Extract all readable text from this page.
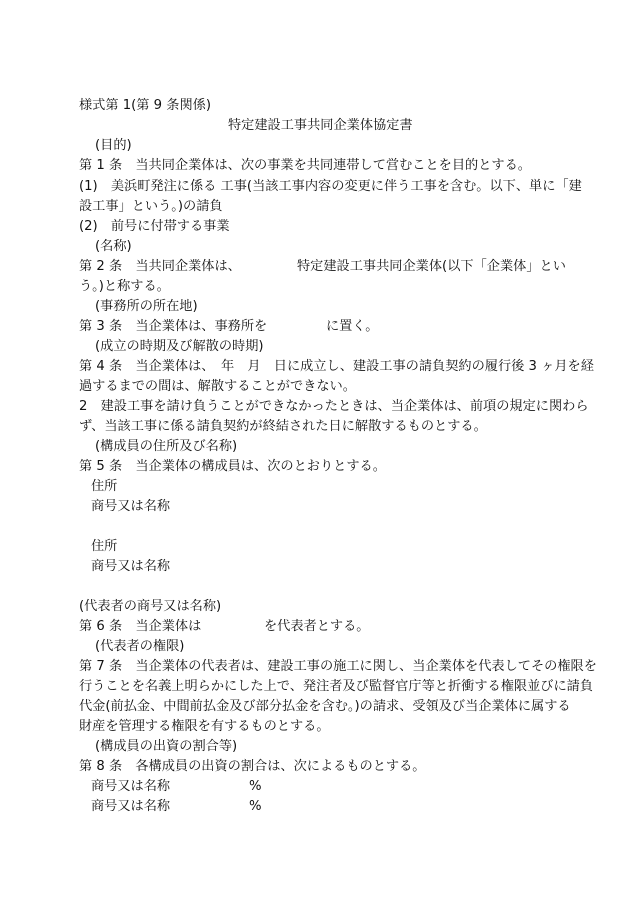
様式第 1(第 9 条関係)
特定建設工事共同企業体協定書
(目的)
第 1 条　当共同企業体は、次の事業を共同連帯して営むことを目的とする。
(1)　美浜町発注に係る 工事(当該工事内容の変更に伴う工事を含む。以下、単に「建
設工事」という。)の請負
(2)　前号に付帯する事業
(名称)
第 2 条　当共同企業体は、	特定建設工事共同企業体(以下「企業体」とい
う。)と称する。
(事務所の所在地)
第 3 条　当企業体は、事務所を	に置く。
(成立の時期及び解散の時期)
第 4 条　当企業体は、　年　月　日に成立し、建設工事の請負契約の履行後 3 ヶ月を経
過するまでの間は、解散することができない。
2　建設工事を請け負うことができなかったときは、当企業体は、前項の規定に関わら
ず、当該工事に係る請負契約が終結された日に解散するものとする。
(構成員の住所及び名称)
第 5 条　当企業体の構成員は、次のとおりとする。
住所
商号又は名称
住所
商号又は名称
(代表者の商号又は名称)
第 6 条　当企業体は	を代表者とする。
(代表者の権限)
第 7 条　当企業体の代表者は、建設工事の施工に関し、当企業体を代表してその権限を
行うことを名義上明らかにした上で、発注者及び監督官庁等と折衝する権限並びに請負
代金(前払金、中間前払金及び部分払金を含む。)の請求、受領及び当企業体に属する
財産を管理する権限を有するものとする。
(構成員の出資の割合等)
第 8 条　各構成員の出資の割合は、次によるものとする。
商号又は名称	%
商号又は名称	%
